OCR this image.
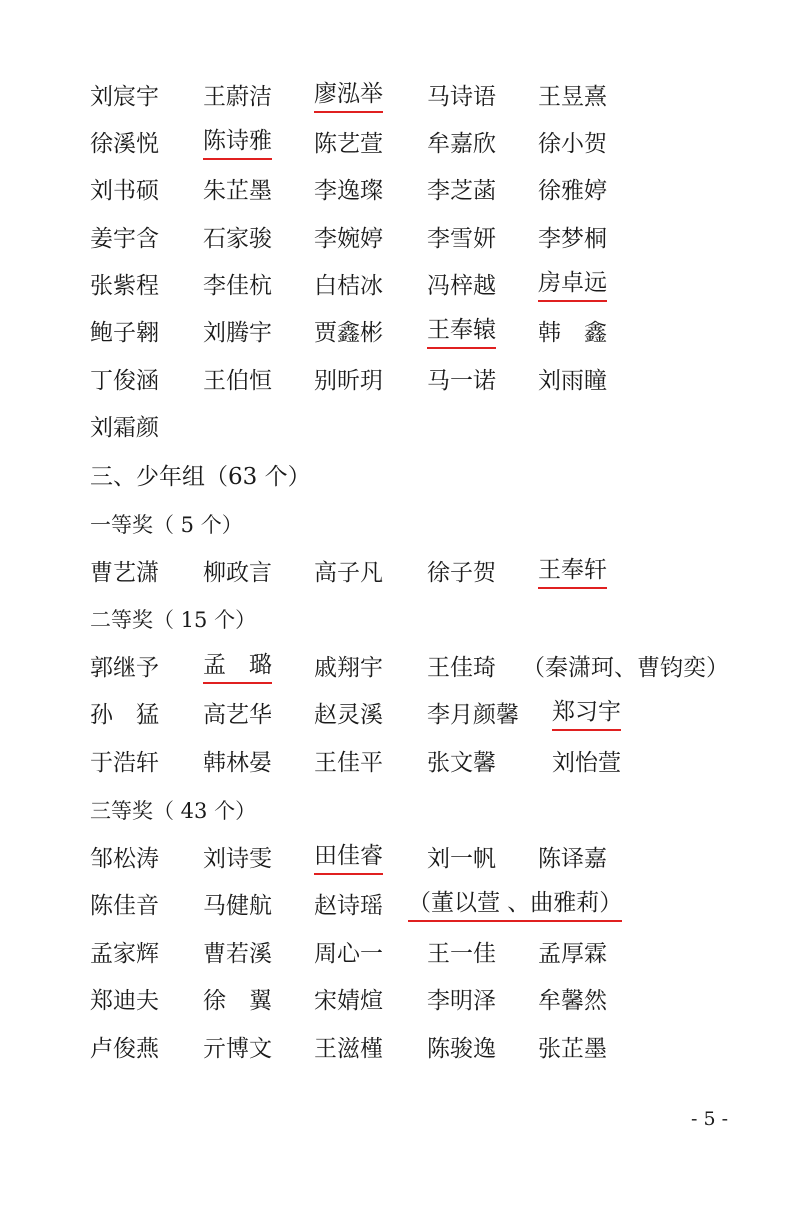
刘宸宇 王蔚洁 廖泓举 马诗语 王昱熹
徐溪悦 陈诗雅 陈艺萱 牟嘉欣 徐小贺
刘书硕 朱芷墨 李逸璨 李芝菡 徐雅婷
姜宇含 石家骏 李婉婷 李雪妍 李梦桐
张紫程 李佳杭 白桔冰 冯梓越 房卓远
鲍子翱 刘腾宇 贾鑫彬 王奉辕 韩　鑫
丁俊涵 王伯恒 别昕玥 马一诺 刘雨瞳
刘霜颜
三、少年组（63 个）
一等奖（ 5 个）
曹艺潇 柳政言 高子凡 徐子贺 王奉轩
二等奖（ 15 个）
郭继予 孟　璐 戚翔宇 王佳琦 （秦潇珂、曹钧奕）
孙　猛 高艺华 赵灵溪 李月颜馨 郑习宇
于浩轩 韩林晏 王佳平 张文馨 刘怡萱
三等奖（ 43 个）
邹松涛 刘诗雯 田佳睿 刘一帆 陈译嘉
陈佳音 马健航 赵诗瑶 （董以萱 、曲雅莉）
孟家辉 曹若溪 周心一 王一佳 孟厚霖
郑迪夫 徐　翼 宋婧煊 李明泽 牟馨然
卢俊燕 亓博文 王滋槿 陈骏逸 张芷墨
- 5 -
